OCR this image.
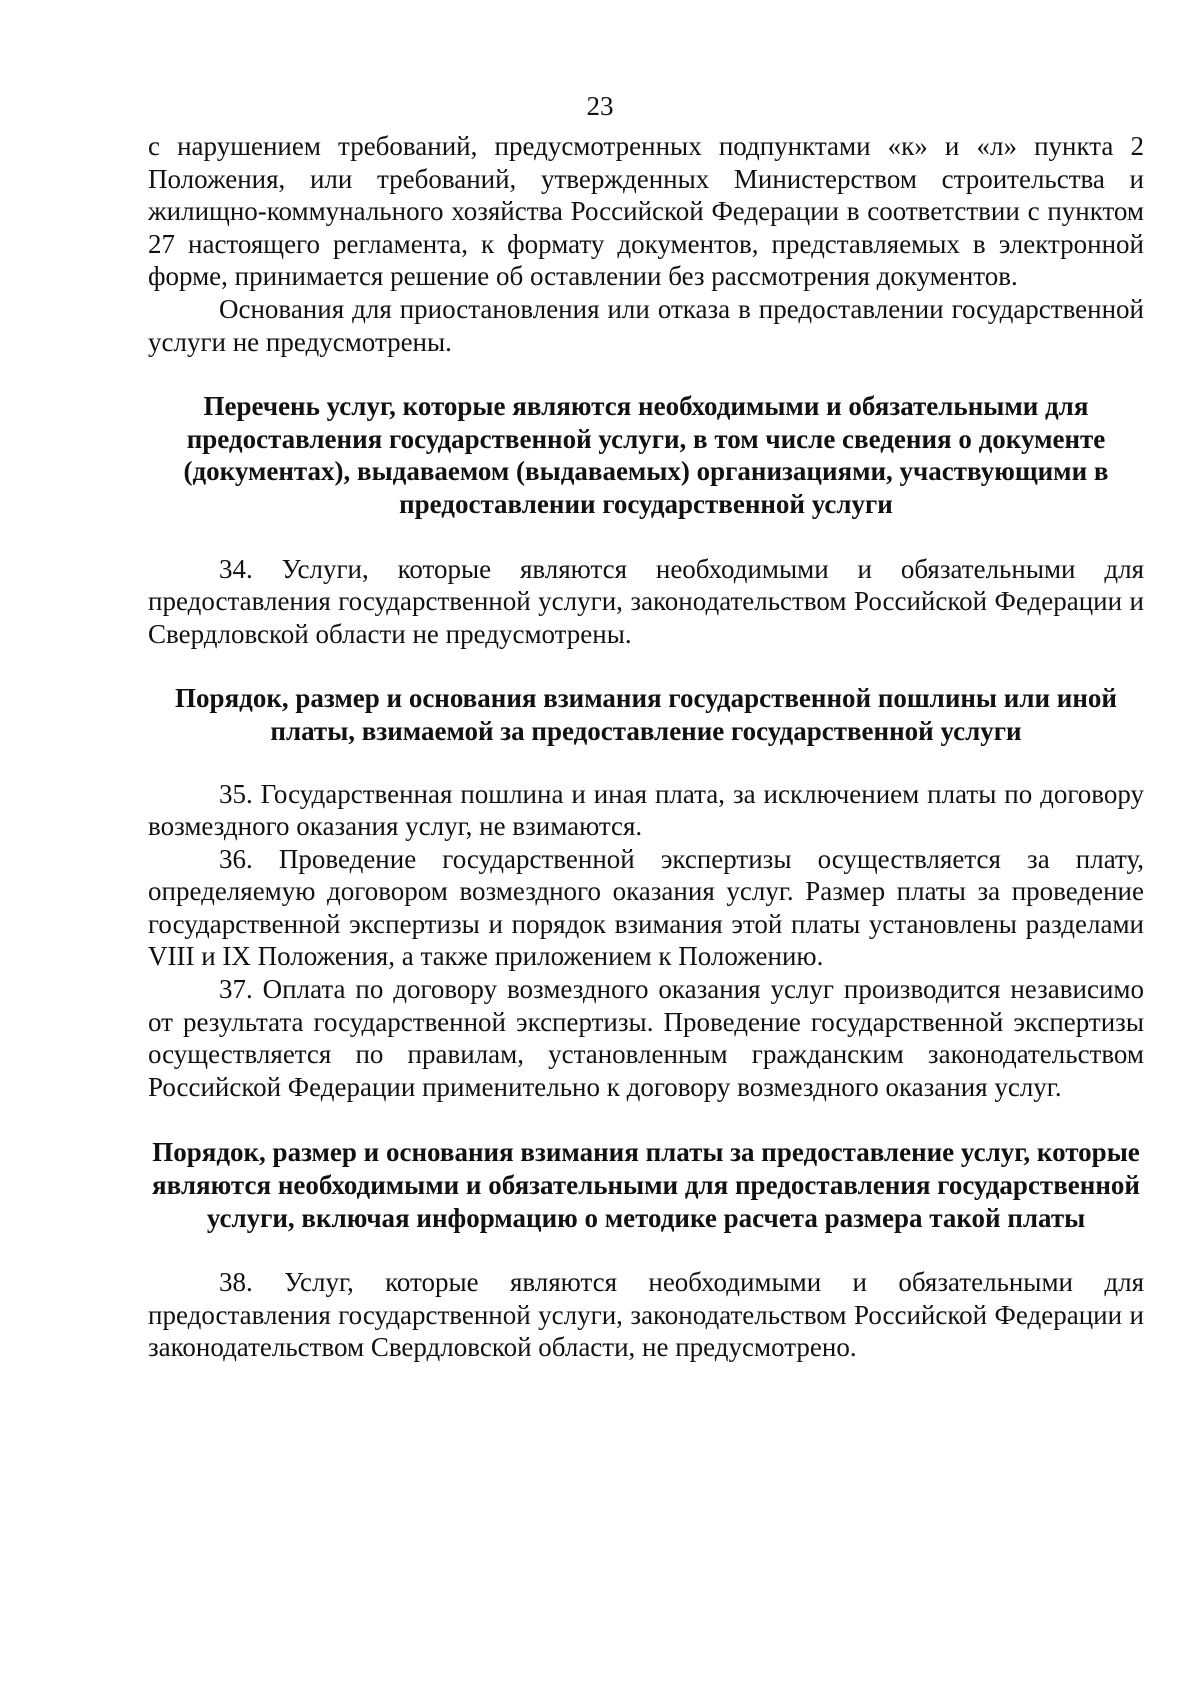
23

с нарушением требований, предусмотренных подпунктами «к» и «л» пункта 2 Положения, или требований, утвержденных Министерством строительства и жилищно-коммунального хозяйства Российской Федерации в соответствии с пунктом 27 настоящего регламента, к формату документов, представляемых в электронной форме, принимается решение об оставлении без рассмотрения документов.

Основания для приостановления или отказа в предоставлении государственной услуги не предусмотрены.

Перечень услуг, которые являются необходимыми и обязательными для предоставления государственной услуги, в том числе сведения о документе (документах), выдаваемом (выдаваемых) организациями, участвующими в предоставлении государственной услуги

34. Услуги, которые являются необходимыми и обязательными для предоставления государственной услуги, законодательством Российской Федерации и Свердловской области не предусмотрены.

Порядок, размер и основания взимания государственной пошлины или иной платы, взимаемой за предоставление государственной услуги

35. Государственная пошлина и иная плата, за исключением платы по договору возмездного оказания услуг, не взимаются.

36. Проведение государственной экспертизы осуществляется за плату, определяемую договором возмездного оказания услуг. Размер платы за проведение государственной экспертизы и порядок взимания этой платы установлены разделами VIII и IX Положения, а также приложением к Положению.

37. Оплата по договору возмездного оказания услуг производится независимо от результата государственной экспертизы. Проведение государственной экспертизы осуществляется по правилам, установленным гражданским законодательством Российской Федерации применительно к договору возмездного оказания услуг.

Порядок, размер и основания взимания платы за предоставление услуг, которые являются необходимыми и обязательными для предоставления государственной услуги, включая информацию о методике расчета размера такой платы

38. Услуг, которые являются необходимыми и обязательными для предоставления государственной услуги, законодательством Российской Федерации и законодательством Свердловской области, не предусмотрено.
